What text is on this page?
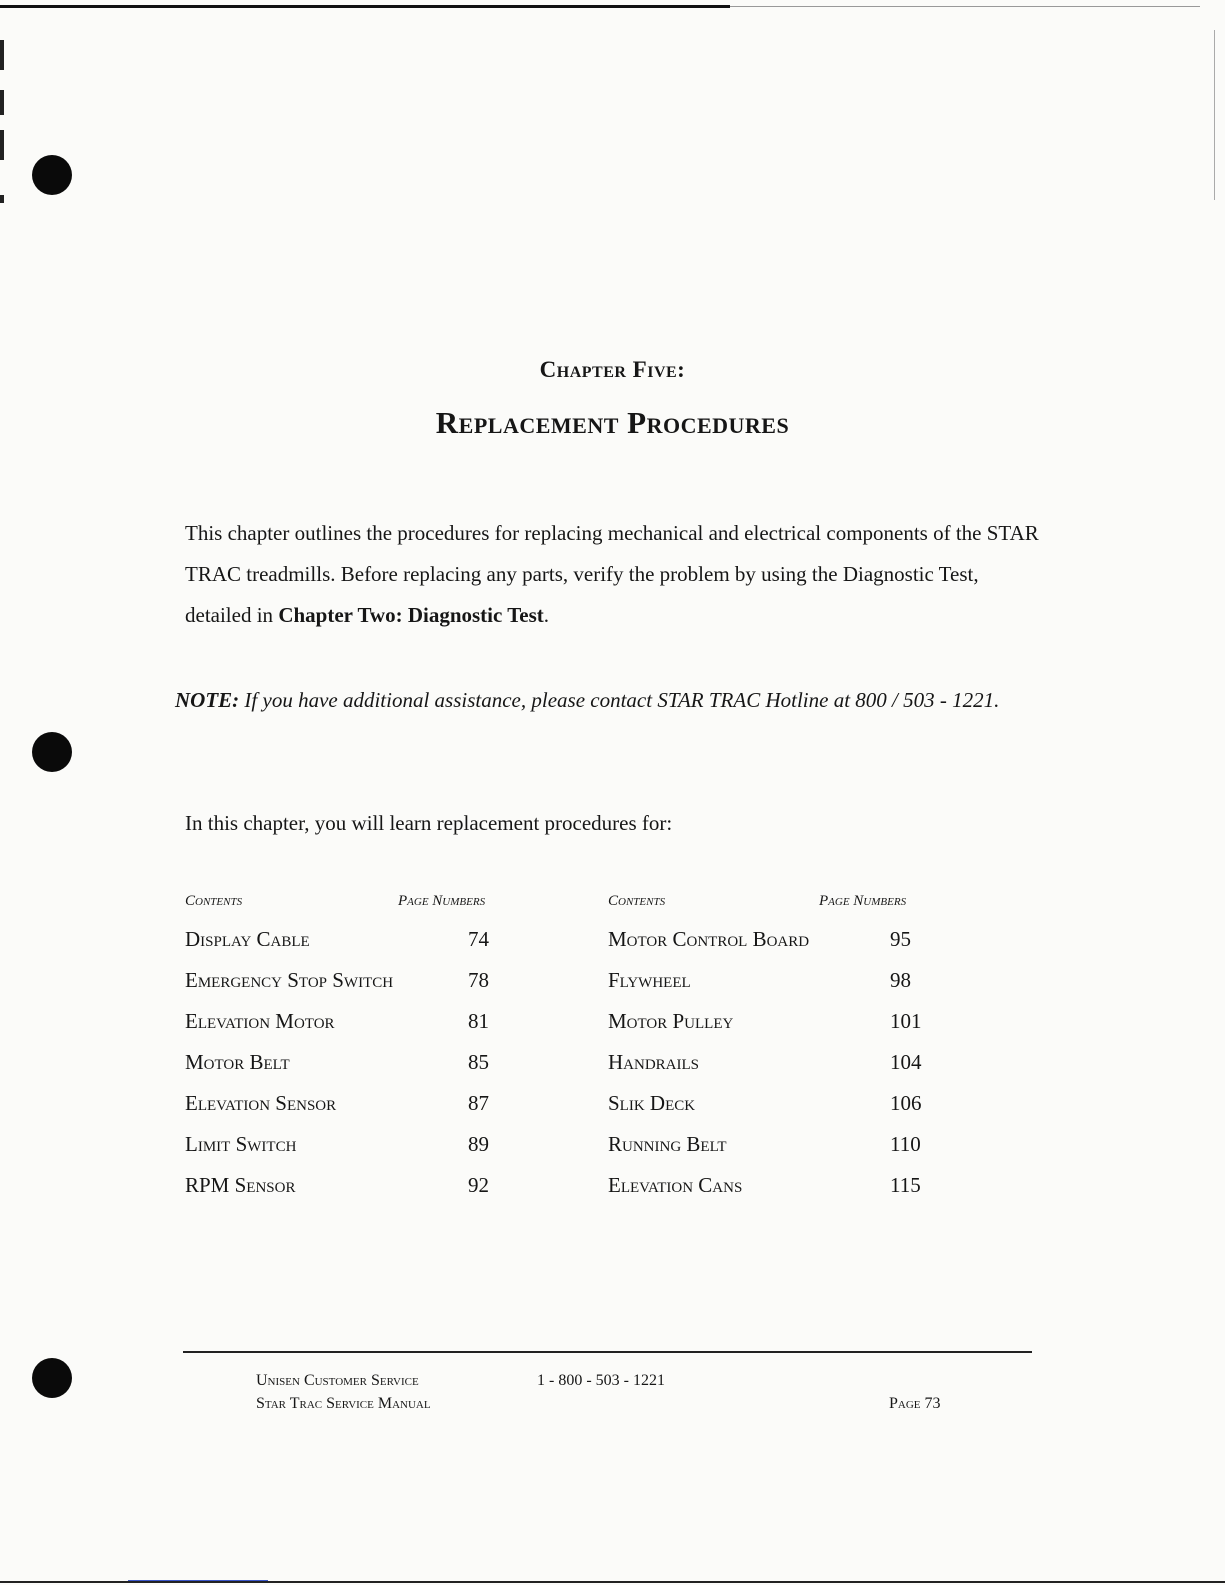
Chapter Five:
Replacement Procedures

This chapter outlines the procedures for replacing mechanical and electrical components of the STAR TRAC treadmills. Before replacing any parts, verify the problem by using the Diagnostic Test, detailed in Chapter Two: Diagnostic Test.

NOTE: If you have additional assistance, please contact STAR TRAC Hotline at 800 / 503 - 1221.

In this chapter, you will learn replacement procedures for:

Contents	Page Numbers	Contents	Page Numbers
Display Cable	74
Emergency Stop Switch	78
Elevation Motor	81
Motor Belt	85
Elevation Sensor	87
Limit Switch	89
RPM Sensor	92
Motor Control Board	95
Flywheel	98
Motor Pulley	101
Handrails	104
Slik Deck	106
Running Belt	110
Elevation Cans	115
Unisen Customer Service
Star Trac Service Manual
1 - 800 - 503 - 1221
Page 73
